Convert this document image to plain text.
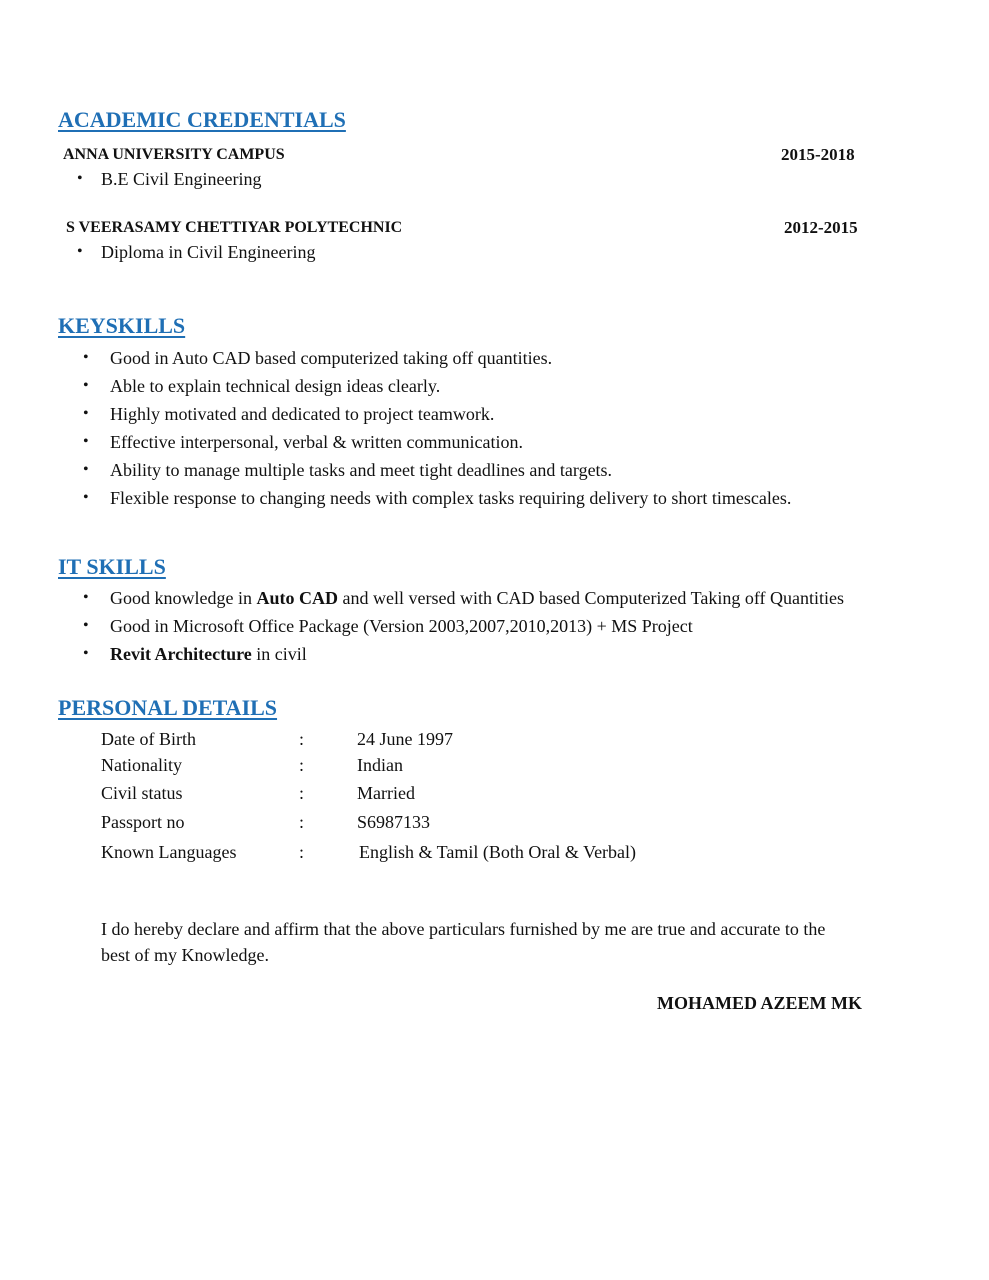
ACADEMIC CREDENTIALS
ANNA UNIVERSITY CAMPUS	2015-2018
• B.E Civil Engineering
S VEERASAMY CHETTIYAR POLYTECHNIC	2012-2015
• Diploma in Civil Engineering
KEYSKILLS
• Good in Auto CAD based computerized taking off quantities.
• Able to explain technical design ideas clearly.
• Highly motivated and dedicated to project teamwork.
• Effective interpersonal, verbal & written communication.
• Ability to manage multiple tasks and meet tight deadlines and targets.
• Flexible response to changing needs with complex tasks requiring delivery to short timescales.
IT SKILLS
• Good knowledge in Auto CAD and well versed with CAD based Computerized Taking off Quantities
• Good in Microsoft Office Package (Version 2003,2007,2010,2013) + MS Project
• Revit Architecture in civil
PERSONAL DETAILS
Date of Birth	:	24 June 1997
Nationality	:	Indian
Civil status	:	Married
Passport no	:	S6987133
Known Languages	:	English & Tamil (Both Oral & Verbal)
I do hereby declare and affirm that the above particulars furnished by me are true and accurate to the
best of my Knowledge.
MOHAMED AZEEM MK
